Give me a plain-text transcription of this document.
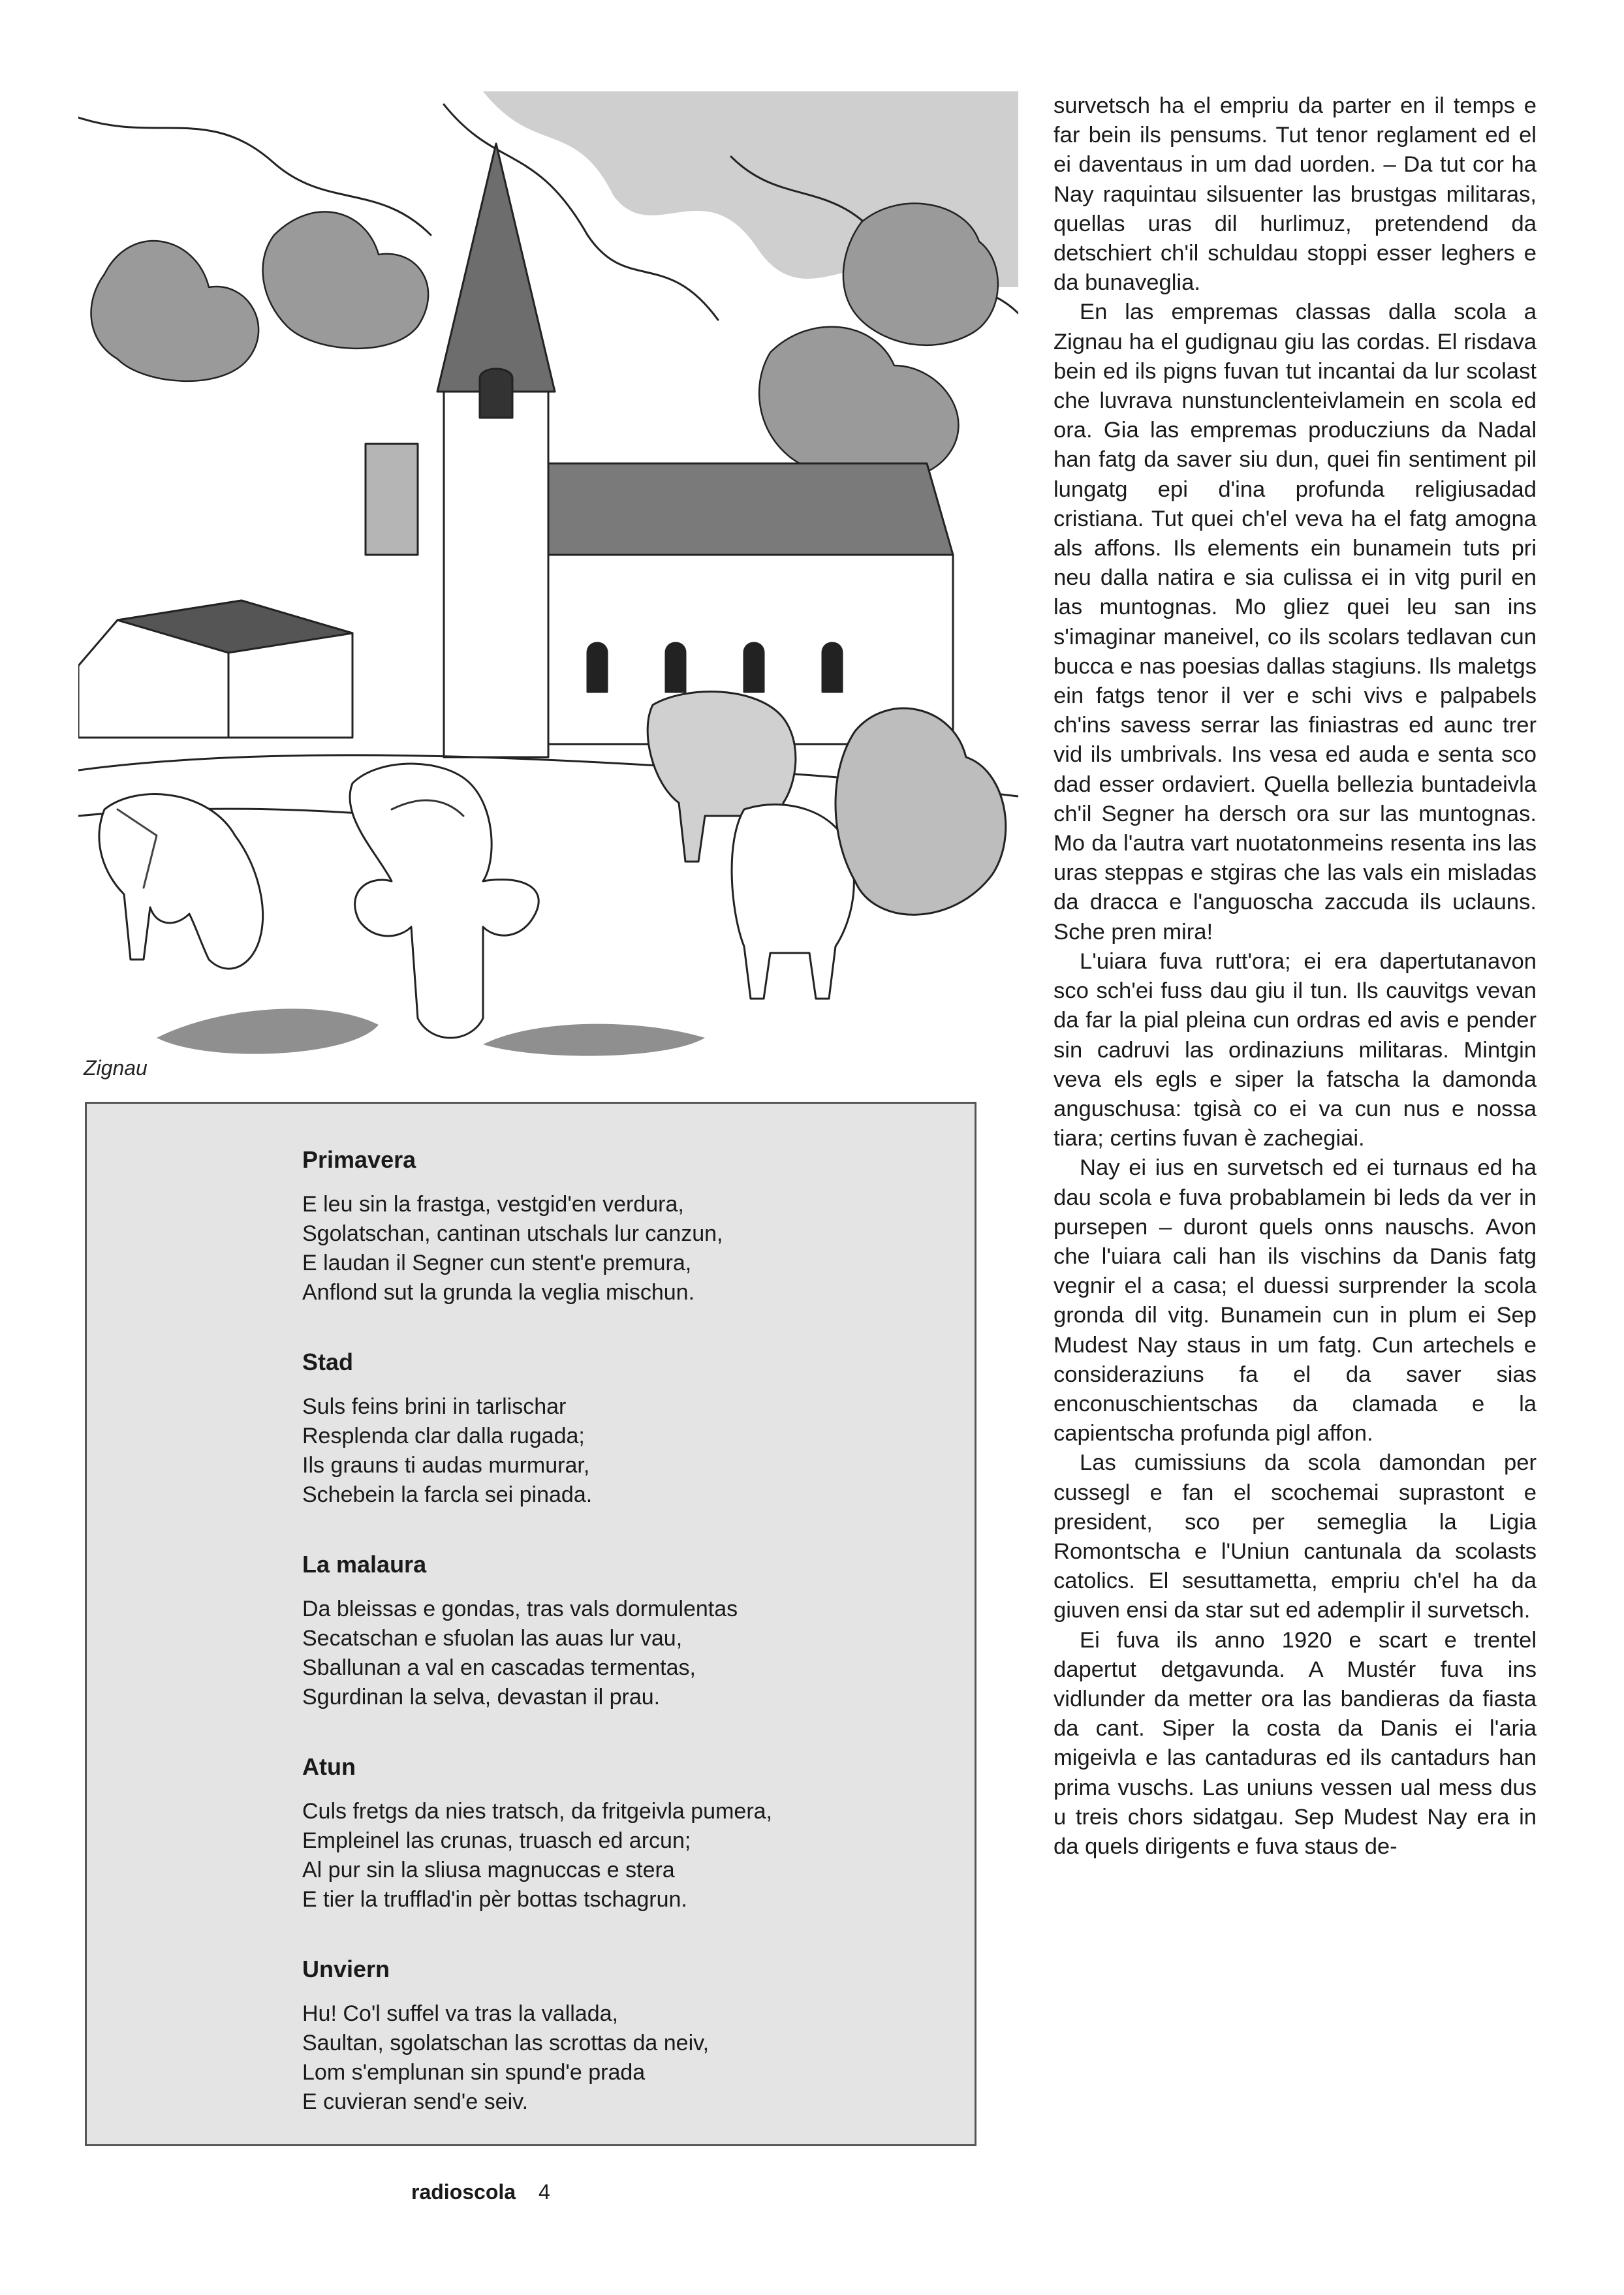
Zignau
Primavera
E leu sin la frastga, vestgid'en verdura,
Sgolatschan, cantinan utschals lur canzun,
E laudan il Segner cun stent'e premura,
Anflond sut la grunda la veglia mischun.
Stad
Suls feins brini in tarlischar
Resplenda clar dalla rugada;
Ils grauns ti audas murmurar,
Schebein la farcla sei pinada.
La malaura
Da bleissas e gondas, tras vals dormulentas
Secatschan e sfuolan las auas lur vau,
Sballunan a val en cascadas termentas,
Sgurdinan la selva, devastan il prau.
Atun
Culs fretgs da nies tratsch, da fritgeivla pumera,
Empleinel las crunas, truasch ed arcun;
Al pur sin la sliusa magnuccas e stera
E tier la trufflad'in pèr bottas tschagrun.
Unviern
Hu! Co'l suffel va tras la vallada,
Saultan, sgolatschan las scrottas da neiv,
Lom s'emplunan sin spund'e prada
E cuvieran send'e seiv.

survetsch ha el empriu da parter en il temps e far bein ils pensums. Tut tenor reglament ed el ei daventaus in um dad uorden. – Da tut cor ha Nay raquintau silsuenter las brustgas militaras, quellas uras dil hurlimuz, pretendend da detschiert ch'il schuldau stoppi esser leghers e da bunaveglia.

En las empremas classas dalla scola a Zignau ha el gudignau giu las cordas. El risdava bein ed ils pigns fuvan tut incantai da lur scolast che luvrava nunstunclenteivlamein en scola ed ora. Gia las empremas producziuns da Nadal han fatg da saver siu dun, quei fin sentiment pil lungatg epi d'ina profunda religiusadad cristiana. Tut quei ch'el veva ha el fatg amogna als affons. Ils elements ein bunamein tuts pri neu dalla natira e sia culissa ei in vitg puril en las muntognas. Mo gliez quei leu san ins s'imaginar maneivel, co ils scolars tedlavan cun bucca e nas poesias dallas stagiuns. Ils maletgs ein fatgs tenor il ver e schi vivs e palpabels ch'ins savess serrar las finiastras ed aunc trer vid ils umbrivals. Ins vesa ed auda e senta sco dad esser ordaviert. Quella bellezia buntadeivla ch'il Segner ha dersch ora sur las muntognas. Mo da l'autra vart nuotatonmeins resenta ins las uras steppas e stgiras che las vals ein misladas da dracca e l'anguoscha zaccuda ils uclauns. Sche pren mira!

L'uiara fuva rutt'ora; ei era dapertutanavon sco sch'ei fuss dau giu il tun. Ils cauvitgs vevan da far la pial pleina cun ordras ed avis e pender sin cadruvi las ordinaziuns militaras. Mintgin veva els egls e siper la fatscha la damonda anguschusa: tgisà co ei va cun nus e nossa tiara; certins fuvan è zachegiai.

Nay ei ius en survetsch ed ei turnaus ed ha dau scola e fuva probablamein bi leds da ver in pursepen – duront quels onns nauschs. Avon che l'uiara cali han ils vischins da Danis fatg vegnir el a casa; el duessi surprender la scola gronda dil vitg. Bunamein cun in plum ei Sep Mudest Nay staus in um fatg. Cun artechels e consideraziuns fa el da saver sias enconuschientschas da clamada e la capientscha profunda pigl affon.

Las cumissiuns da scola damondan per cussegl e fan el scochemai suprastont e president, sco per semeglia la Ligia Romontscha e l'Uniun cantunala da scolasts catolics. El sesuttametta, empriu ch'el ha da giuven ensi da star sut ed adempIir il survetsch.

Ei fuva ils anno 1920 e scart e trentel dapertut detgavunda. A Mustér fuva ins vidlunder da metter ora las bandieras da fiasta da cant. Siper la costa da Danis ei l'aria migeivla e las cantaduras ed ils cantadurs han prima vuschs. Las uniuns vessen ual mess dus u treis chors sidatgau. Sep Mudest Nay era in da quels dirigents e fuva staus de-

radioscola 4
